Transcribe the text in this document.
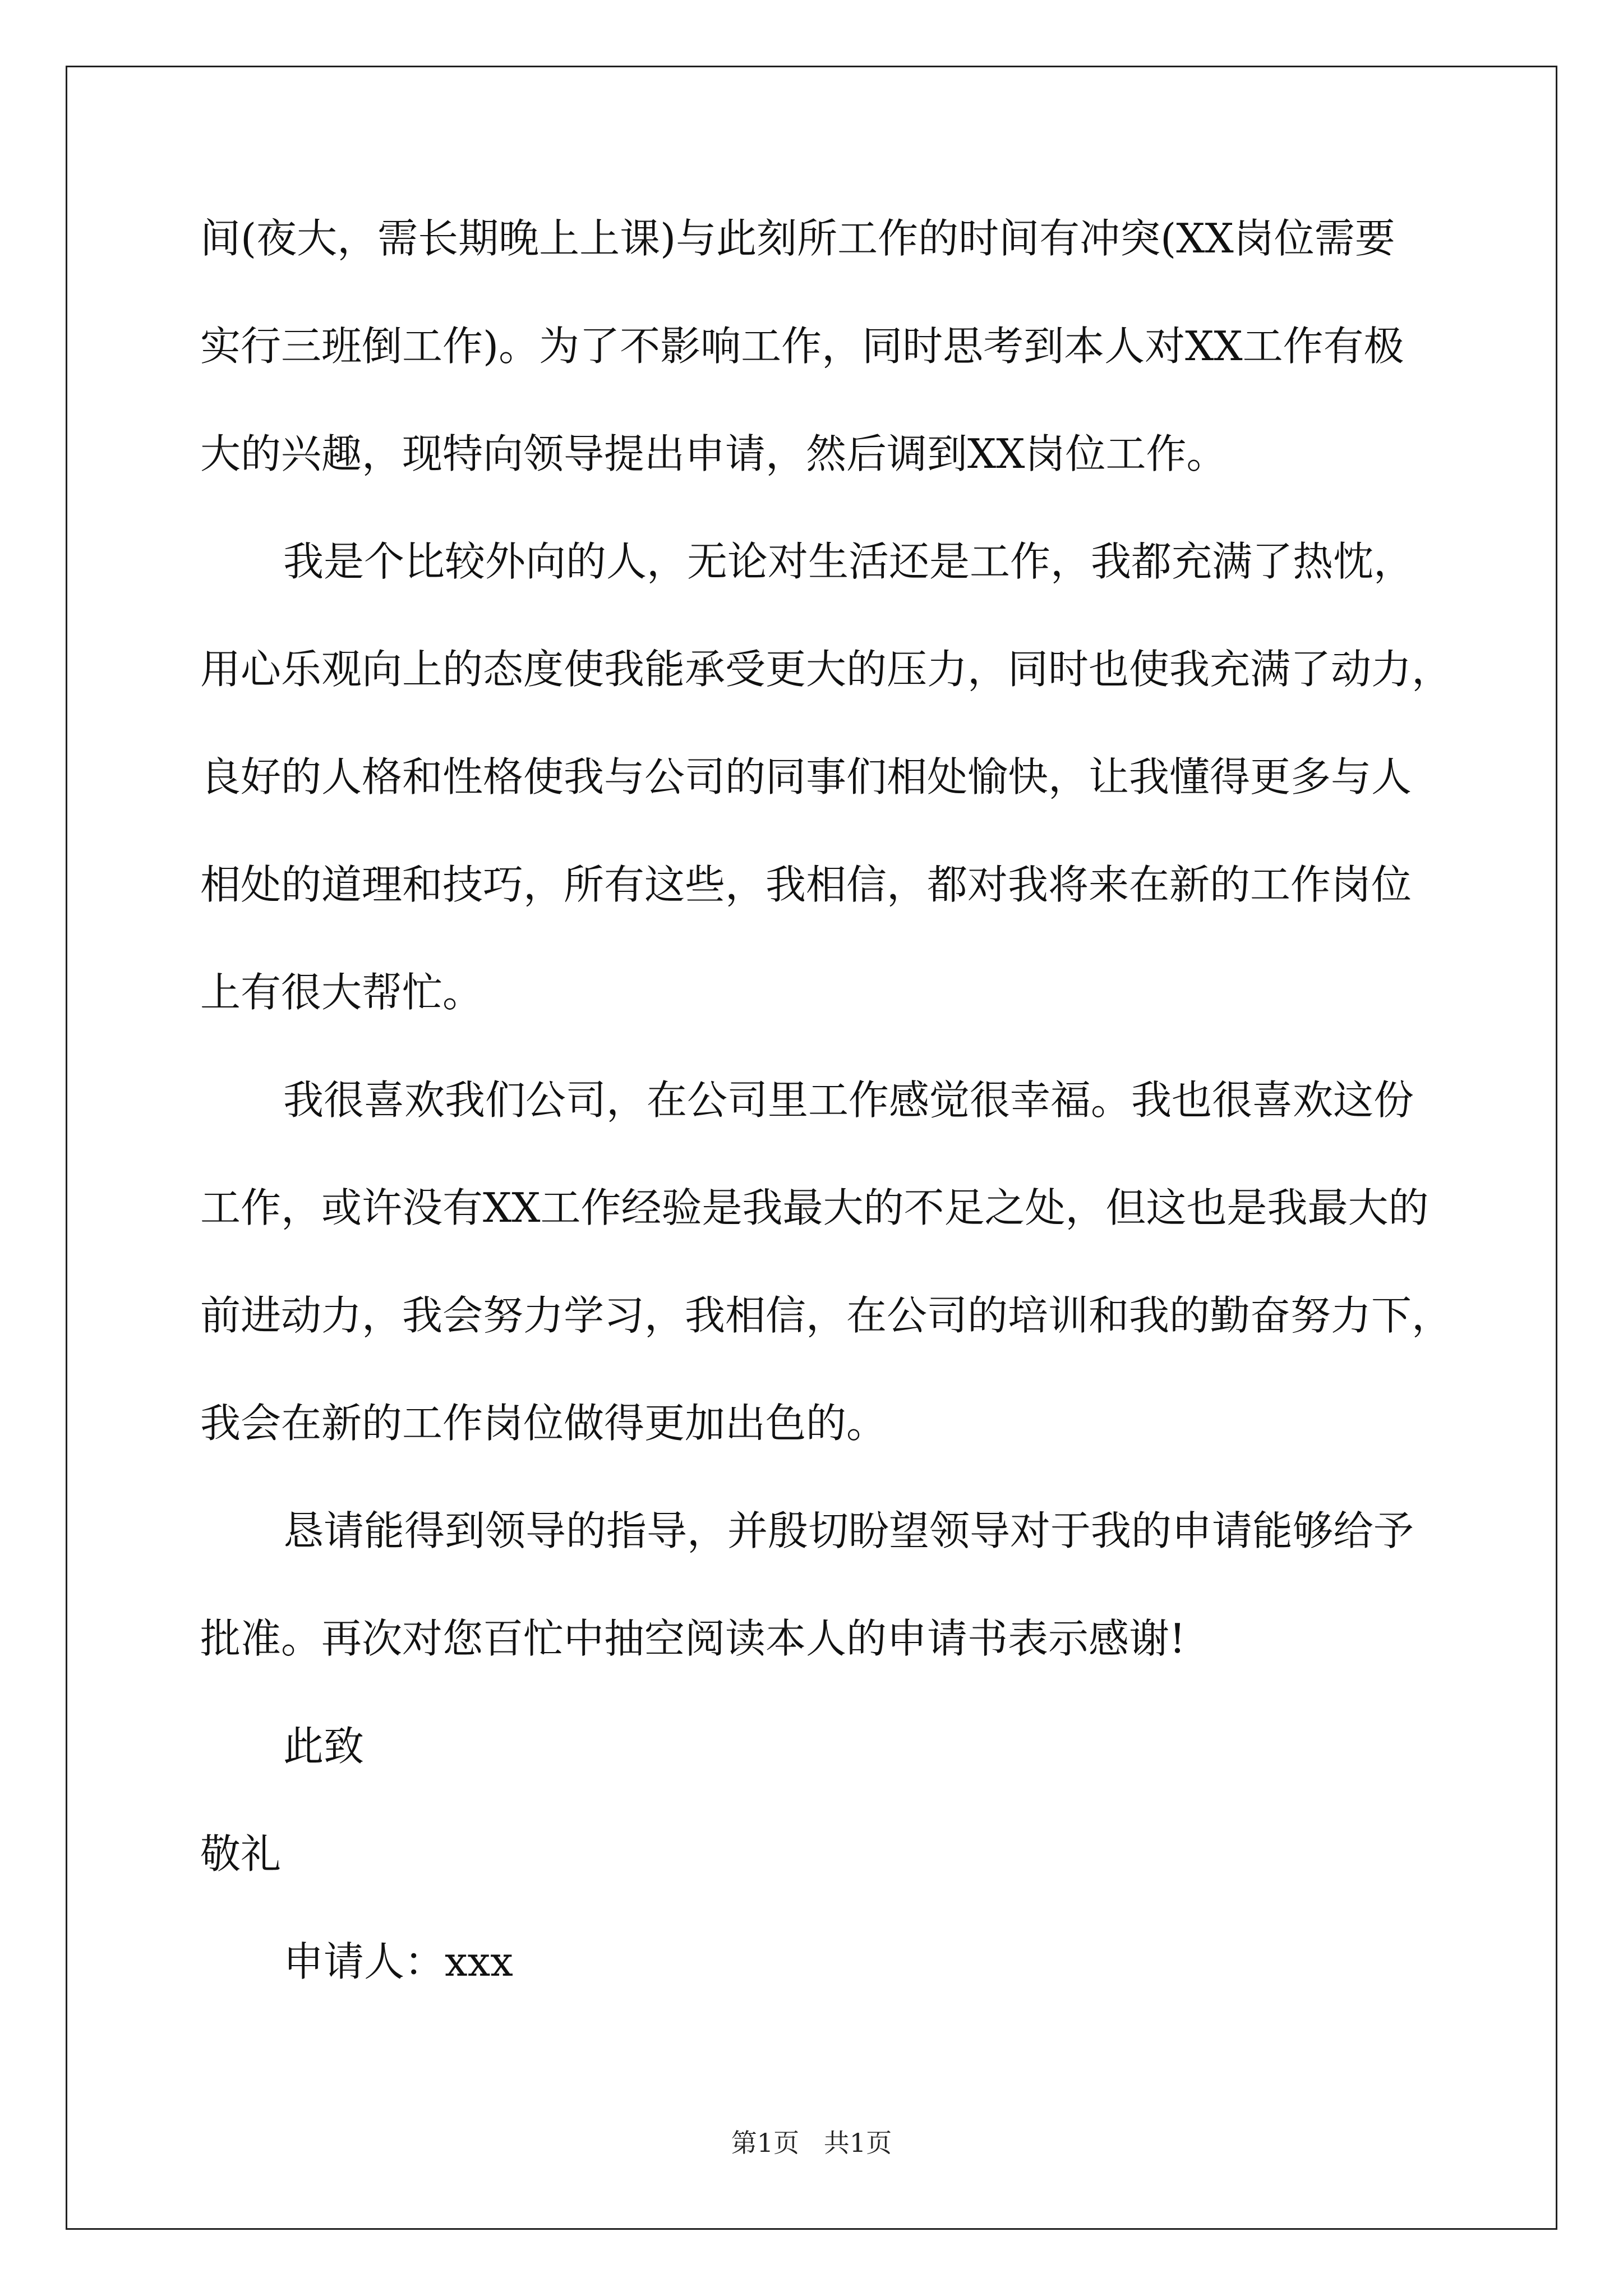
间(夜大，需长期晚上上课)与此刻所工作的时间有冲突(XX岗位需要
实行三班倒工作)。为了不影响工作，同时思考到本人对XX工作有极
大的兴趣，现特向领导提出申请，然后调到XX岗位工作。
我是个比较外向的人，无论对生活还是工作，我都充满了热忱，
用心乐观向上的态度使我能承受更大的压力，同时也使我充满了动力，
良好的人格和性格使我与公司的同事们相处愉快，让我懂得更多与人
相处的道理和技巧，所有这些，我相信，都对我将来在新的工作岗位
上有很大帮忙。
我很喜欢我们公司，在公司里工作感觉很幸福。我也很喜欢这份
工作，或许没有XX工作经验是我最大的不足之处，但这也是我最大的
前进动力，我会努力学习，我相信，在公司的培训和我的勤奋努力下，
我会在新的工作岗位做得更加出色的。
恳请能得到领导的指导，并殷切盼望领导对于我的申请能够给予
批准。再次对您百忙中抽空阅读本人的申请书表示感谢!
此致
敬礼
申请人：xxx
第1页   共1页
